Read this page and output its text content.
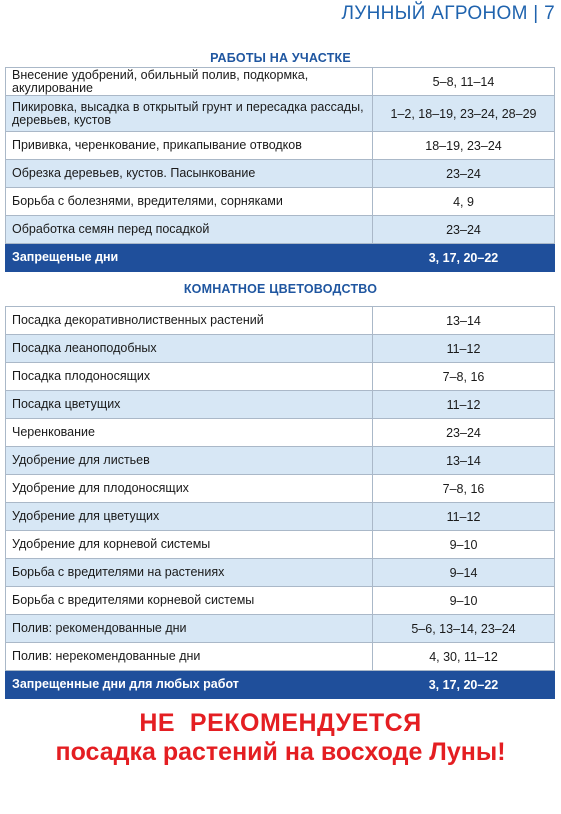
ЛУННЫЙ АГРОНОМ | 7
РАБОТЫ НА УЧАСТКЕ
Внесение удобрений, обильный полив, подкормка, акулирование	5–8, 11–14
Пикировка, высадка в открытый грунт и пересадка рассады, деревьев, кустов	1–2, 18–19, 23–24, 28–29
Прививка, черенкование, прикапывание отводков	18–19, 23–24
Обрезка деревьев, кустов. Пасынкование	23–24
Борьба с болезнями, вредителями, сорняками	4, 9
Обработка семян перед посадкой	23–24
Запрещеные дни	3, 17, 20–22
КОМНАТНОЕ ЦВЕТОВОДСТВО
Посадка декоративнолиственных растений	13–14
Посадка леаноподобных	11–12
Посадка плодоносящих	7–8, 16
Посадка цветущих	11–12
Черенкование	23–24
Удобрение для листьев	13–14
Удобрение для плодоносящих	7–8, 16
Удобрение для цветущих	11–12
Удобрение для корневой системы	9–10
Борьба с вредителями на растениях	9–14
Борьба с вредителями корневой системы	9–10
Полив: рекомендованные дни	5–6, 13–14, 23–24
Полив: нерекомендованные дни	4, 30, 11–12
Запрещенные дни для любых работ	3, 17, 20–22
НЕ  РЕКОМЕНДУЕТСЯ
посадка растений на восходе Луны!
